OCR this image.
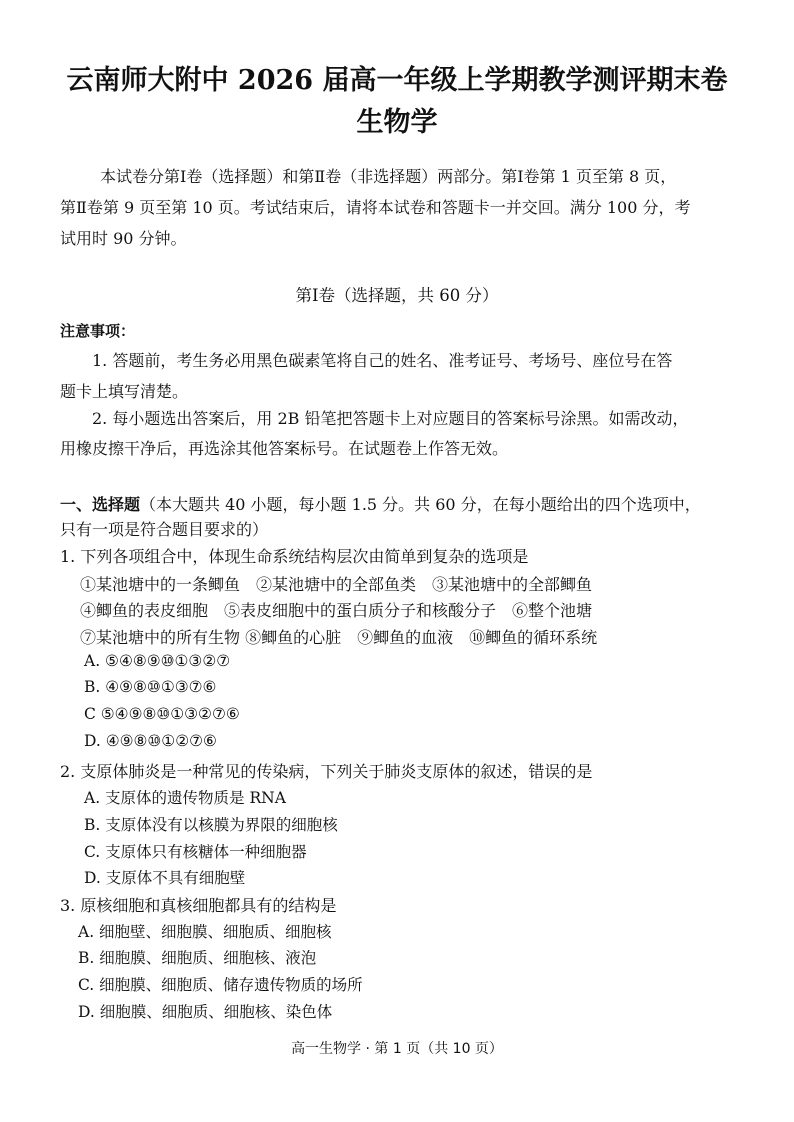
云南师大附中 2026 届高一年级上学期教学测评期末卷
生物学
本试卷分第Ⅰ卷（选择题）和第Ⅱ卷（非选择题）两部分。第Ⅰ卷第 1 页至第 8 页，
第Ⅱ卷第 9 页至第 10 页。考试结束后，请将本试卷和答题卡一并交回。满分 100 分，考
试用时 90 分钟。
第Ⅰ卷（选择题，共 60 分）
注意事项：
1. 答题前，考生务必用黑色碳素笔将自己的姓名、准考证号、考场号、座位号在答
题卡上填写清楚。
2. 每小题选出答案后，用 2B 铅笔把答题卡上对应题目的答案标号涂黑。如需改动，
用橡皮擦干净后，再选涂其他答案标号。在试题卷上作答无效。
一、选择题（本大题共 40 小题，每小题 1.5 分。共 60 分，在每小题给出的四个选项中，
只有一项是符合题目要求的）
1. 下列各项组合中，体现生命系统结构层次由简单到复杂的选项是
①某池塘中的一条鲫鱼　②某池塘中的全部鱼类　③某池塘中的全部鲫鱼
④鲫鱼的表皮细胞　⑤表皮细胞中的蛋白质分子和核酸分子　⑥整个池塘
⑦某池塘中的所有生物 ⑧鲫鱼的心脏　⑨鲫鱼的血液　⑩鲫鱼的循环系统
A. ⑤④⑧⑨⑩①③②⑦
B. ④⑨⑧⑩①③⑦⑥
C ⑤④⑨⑧⑩①③②⑦⑥
D. ④⑨⑧⑩①②⑦⑥
2. 支原体肺炎是一种常见的传染病，下列关于肺炎支原体的叙述，错误的是
A. 支原体的遗传物质是 RNA
B. 支原体没有以核膜为界限的细胞核
C. 支原体只有核糖体一种细胞器
D. 支原体不具有细胞壁
3. 原核细胞和真核细胞都具有的结构是
A. 细胞壁、细胞膜、细胞质、细胞核
B. 细胞膜、细胞质、细胞核、液泡
C. 细胞膜、细胞质、储存遗传物质的场所
D. 细胞膜、细胞质、细胞核、染色体
高一生物学 · 第 1 页（共 10 页）
